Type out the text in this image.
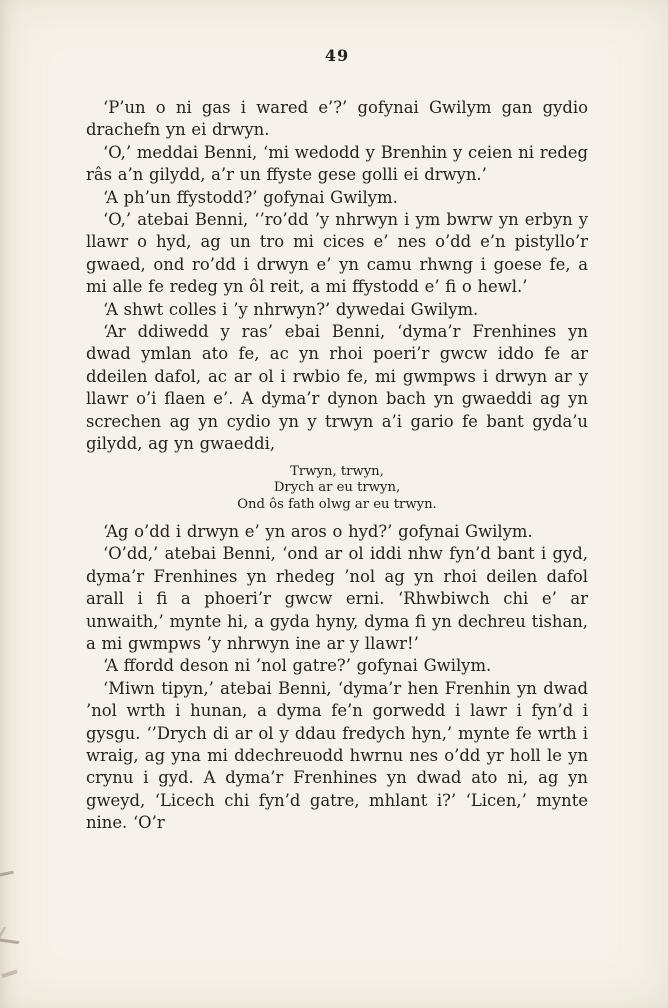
49

‘P’un o ni gas i wared e’?’ gofynai Gwilym gan gydio drachefn yn ei drwyn.

‘O,’ meddai Benni, ‘mi wedodd y Brenhin y ceien ni redeg râs a’n gilydd, a’r un ffyste gese golli ei drwyn.’

‘A ph’un ffystodd?’ gofynai Gwilym.

‘O,’ atebai Benni, ‘’ro’dd ’y nhrwyn i ym bwrw yn erbyn y llawr o hyd, ag un tro mi cices e’ nes o’dd e’n pistyllo’r gwaed, ond ro’dd i drwyn e’ yn camu rhwng i goese fe, a mi alle fe redeg yn ôl reit, a mi ffystodd e’ fi o hewl.’

‘A shwt colles i ’y nhrwyn?’ dywedai Gwilym.

‘Ar ddiwedd y ras’ ebai Benni, ‘dyma’r Frenhines yn dwad ymlan ato fe, ac yn rhoi poeri’r gwcw iddo fe ar ddeilen dafol, ac ar ol i rwbio fe, mi gwmpws i drwyn ar y llawr o’i flaen e’. A dyma’r dynon bach yn gwaeddi ag yn screchen ag yn cydio yn y trwyn a’i gario fe bant gyda’u gilydd, ag yn gwaeddi,

Trwyn, trwyn,
Drych ar eu trwyn,
Ond ôs fath olwg ar eu trwyn.

‘Ag o’dd i drwyn e’ yn aros o hyd?’ gofynai Gwilym.

‘O’dd,’ atebai Benni, ‘ond ar ol iddi nhw fyn’d bant i gyd, dyma’r Frenhines yn rhedeg ’nol ag yn rhoi deilen dafol arall i fi a phoeri’r gwcw erni. ‘Rhwbiwch chi e’ ar unwaith,’ mynte hi, a gyda hyny, dyma fi yn dechreu tishan, a mi gwmpws ’y nhrwyn ine ar y llawr!’

‘A ffordd deson ni ’nol gatre?’ gofynai Gwilym.

‘Miwn tipyn,’ atebai Benni, ‘dyma’r hen Frenhin yn dwad ’nol wrth i hunan, a dyma fe’n gorwedd i lawr i fyn’d i gysgu. ‘’Drych di ar ol y ddau fredych hyn,’ mynte fe wrth i wraig, ag yna mi ddechreuodd hwrnu nes o’dd yr holl le yn crynu i gyd. A dyma’r Frenhines yn dwad ato ni, ag yn gweyd, ‘Licech chi fyn’d gatre, mhlant i?’ ‘Licen,’ mynte nine. ‘O’r
